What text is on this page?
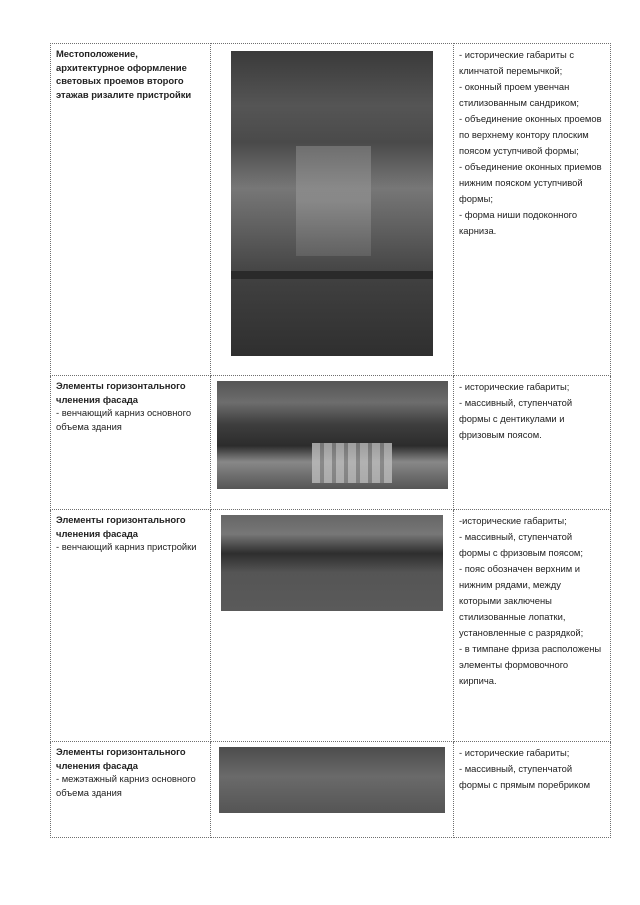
Местоположение, архитектурное оформление световых проемов второго этажав ризалите пристройки		- исторические габариты с клинчатой перемычкой;
- оконный проем увенчан стилизованным сандриком;
- объединение оконных проемов по верхнему контору плоским поясом уступчивой формы;
- объединение оконных приемов нижним пояском уступчивой формы;
- форма ниши подоконного карниза.

Элементы горизонтального членения фасада
- венчающий карниз основного объема здания		- исторические габариты;
- массивный, ступенчатой формы с дентикулами и фризовым поясом.

Элементы горизонтального членения фасада
- венчающий карниз пристройки		-исторические габариты;
- массивный, ступенчатой формы с фризовым поясом;
- пояс обозначен верхним и нижним рядами, между которыми заключены стилизованные лопатки, установленные с разрядкой;
- в тимпане фриза расположены элементы формовочного кирпича.

Элементы горизонтального членения фасада
- межэтажный карниз основного объема здания		- исторические габариты;
- массивный, ступенчатой формы с прямым поребриком
